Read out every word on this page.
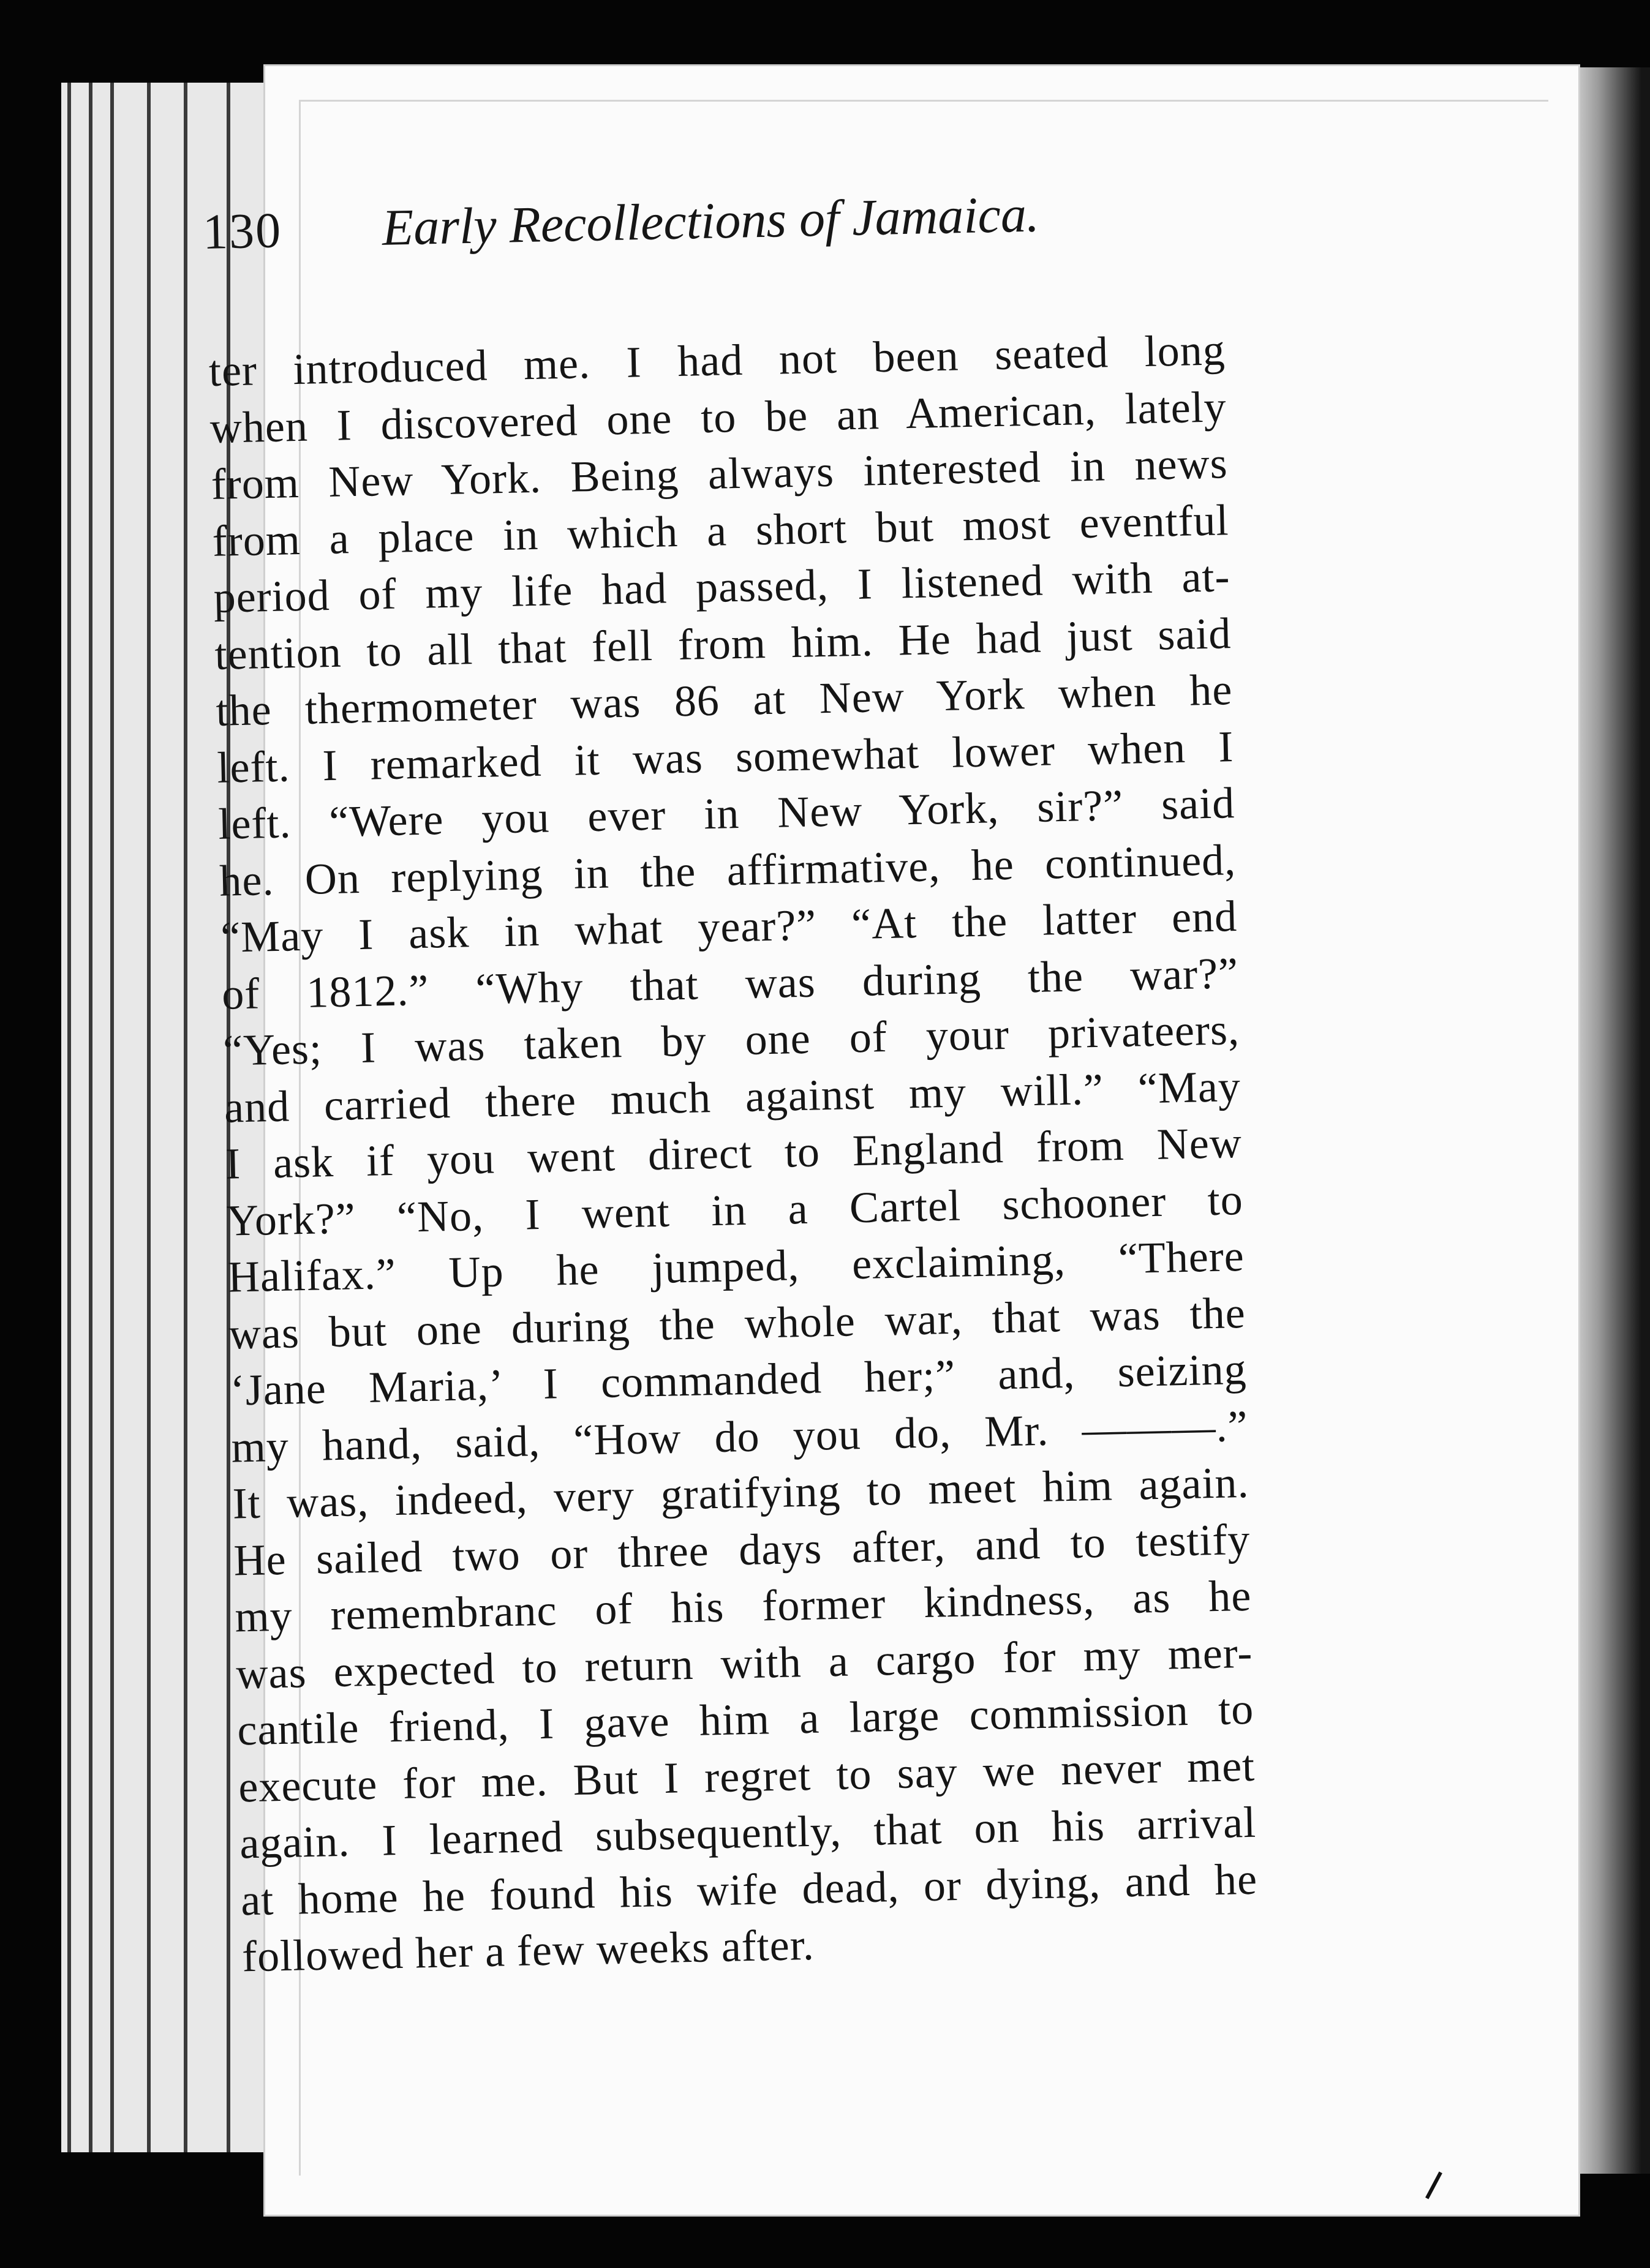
130 Early Recollections of Jamaica.
ter introduced me. I had not been seated long
when I discovered one to be an American, lately
from New York. Being always interested in news
from a place in which a short but most eventful
period of my life had passed, I listened with at-
tention to all that fell from him. He had just said
the thermometer was 86 at New York when he
left. I remarked it was somewhat lower when I
left. “Were you ever in New York, sir?” said
he. On replying in the affirmative, he continued,
“May I ask in what year?” “At the latter end
of 1812.” “Why that was during the war?”
“Yes; I was taken by one of your privateers,
and carried there much against my will.” “May
I ask if you went direct to England from New
York?” “No, I went in a Cartel schooner to
Halifax.” Up he jumped, exclaiming, “There
was but one during the whole war, that was the
‘Jane Maria,’ I commanded her;” and, seizing
my hand, said, “How do you do, Mr. ———.”
It was, indeed, very gratifying to meet him again.
He sailed two or three days after, and to testify
my remembranc of his former kindness, as he
was expected to return with a cargo for my mer-
cantile friend, I gave him a large commission to
execute for me. But I regret to say we never met
again. I learned subsequently, that on his arrival
at home he found his wife dead, or dying, and he
followed her a few weeks after.
